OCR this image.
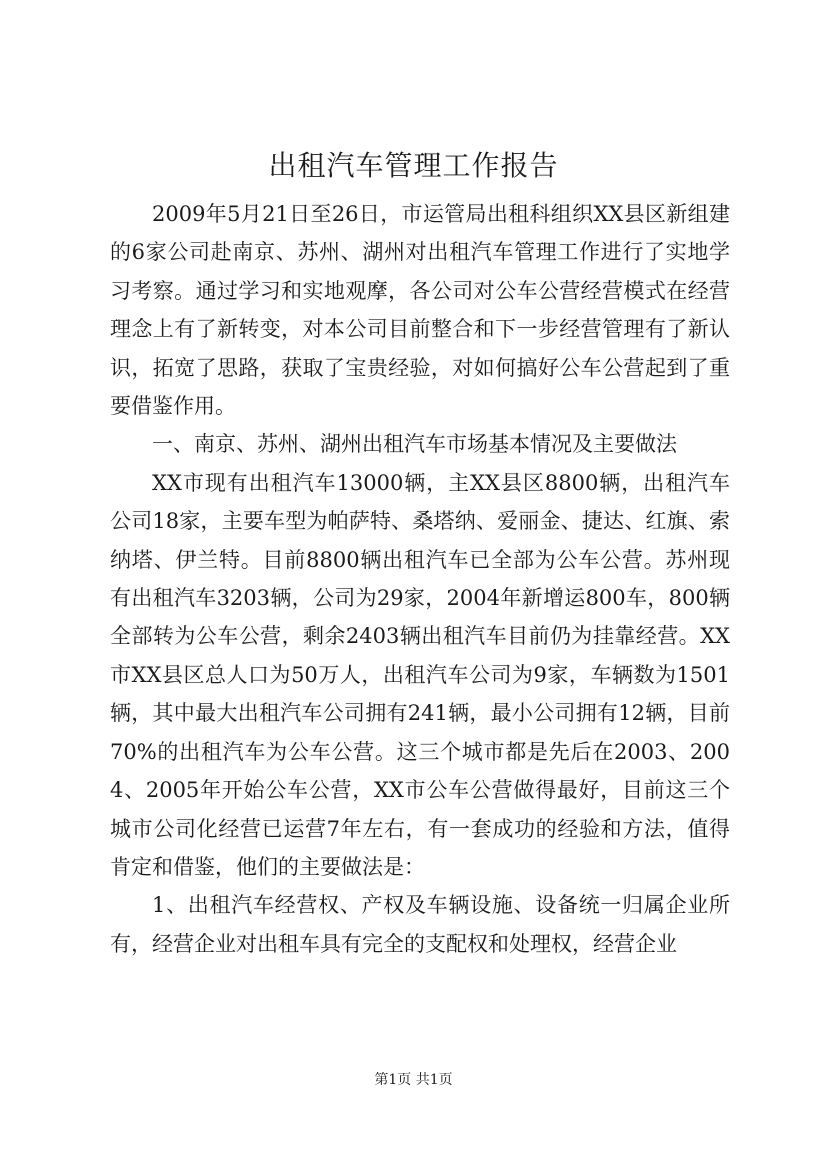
出租汽车管理工作报告

2009年5月21日至26日，市运管局出租科组织XX县区新组建的6家公司赴南京、苏州、湖州对出租汽车管理工作进行了实地学习考察。通过学习和实地观摩，各公司对公车公营经营模式在经营理念上有了新转变，对本公司目前整合和下一步经营管理有了新认识，拓宽了思路，获取了宝贵经验，对如何搞好公车公营起到了重要借鉴作用。

一、南京、苏州、湖州出租汽车市场基本情况及主要做法

XX市现有出租汽车13000辆，主XX县区8800辆，出租汽车公司18家，主要车型为帕萨特、桑塔纳、爱丽金、捷达、红旗、索纳塔、伊兰特。目前8800辆出租汽车已全部为公车公营。苏州现有出租汽车3203辆，公司为29家，2004年新增运800车，800辆全部转为公车公营，剩余2403辆出租汽车目前仍为挂靠经营。XX市XX县区总人口为50万人，出租汽车公司为9家，车辆数为1501辆，其中最大出租汽车公司拥有241辆，最小公司拥有12辆，目前70%的出租汽车为公车公营。这三个城市都是先后在2003、2004、2005年开始公车公营，XX市公车公营做得最好，目前这三个城市公司化经营已运营7年左右，有一套成功的经验和方法，值得肯定和借鉴，他们的主要做法是：

1、出租汽车经营权、产权及车辆设施、设备统一归属企业所有，经营企业对出租车具有完全的支配权和处理权，经营企业

第1页 共1页
